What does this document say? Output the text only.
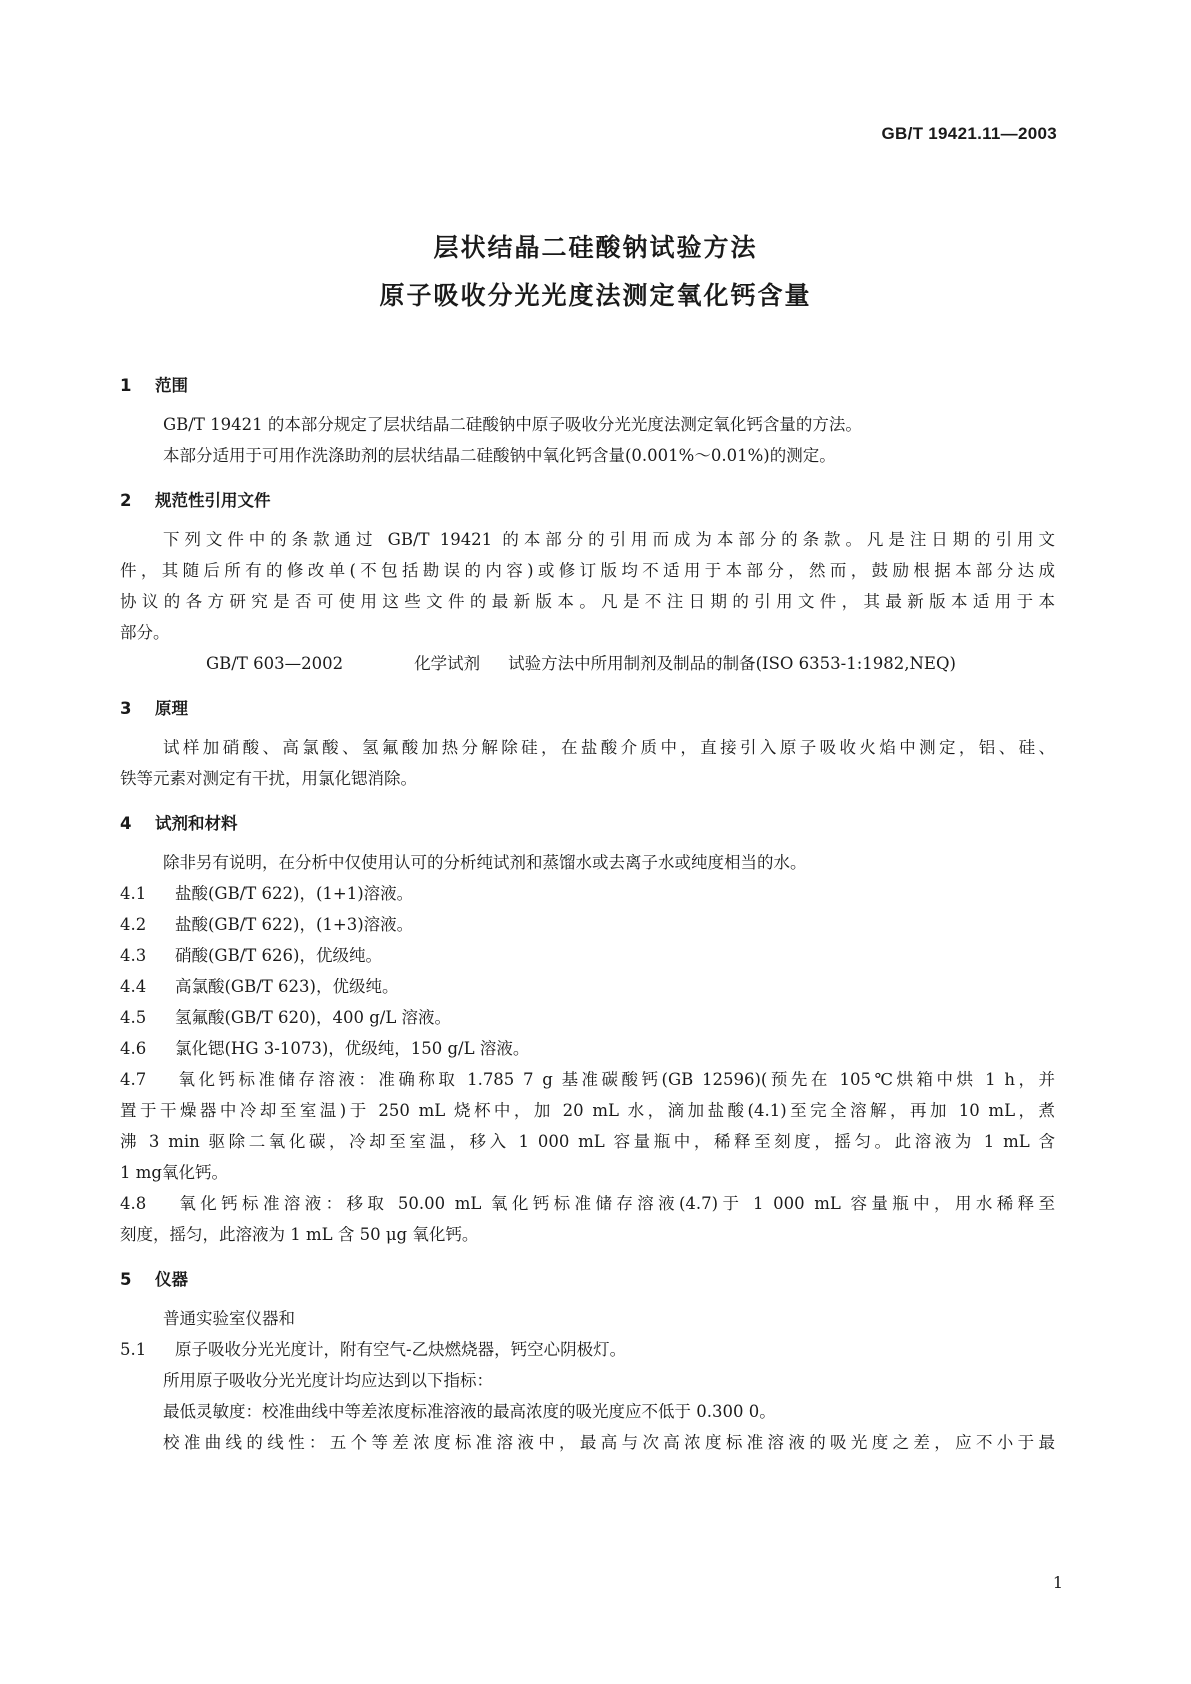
GB/T 19421.11—2003
层状结晶二硅酸钠试验方法
原子吸收分光光度法测定氧化钙含量
1 范围

GB/T 19421 的本部分规定了层状结晶二硅酸钠中原子吸收分光光度法测定氧化钙含量的方法。

本部分适用于可用作洗涤助剂的层状结晶二硅酸钠中氧化钙含量(0.001%～0.01%)的测定。

2 规范性引用文件

下列文件中的条款通过 GB/T 19421 的本部分的引用而成为本部分的条款。凡是注日期的引用文

件，其随后所有的修改单(不包括勘误的内容)或修订版均不适用于本部分，然而，鼓励根据本部分达成

协议的各方研究是否可使用这些文件的最新版本。凡是不注日期的引用文件，其最新版本适用于本

部分。

GB/T 603—2002	化学试剂 试验方法中所用制剂及制品的制备(ISO 6353-1:1982,NEQ)

3 原理

试样加硝酸、高氯酸、氢氟酸加热分解除硅，在盐酸介质中，直接引入原子吸收火焰中测定，铝、硅、

铁等元素对测定有干扰，用氯化锶消除。

4 试剂和材料

除非另有说明，在分析中仅使用认可的分析纯试剂和蒸馏水或去离子水或纯度相当的水。

4.1 盐酸(GB/T 622)，(1+1)溶液。

4.2 盐酸(GB/T 622)，(1+3)溶液。

4.3 硝酸(GB/T 626)，优级纯。

4.4 高氯酸(GB/T 623)，优级纯。

4.5 氢氟酸(GB/T 620)，400 g/L 溶液。

4.6 氯化锶(HG 3-1073)，优级纯，150 g/L 溶液。

4.7 氧化钙标准储存溶液：准确称取 1.785 7 g 基准碳酸钙(GB 12596)(预先在 105℃烘箱中烘 1 h，并

置于干燥器中冷却至室温)于 250 mL 烧杯中，加 20 mL 水，滴加盐酸(4.1)至完全溶解，再加 10 mL，煮

沸 3 min 驱除二氧化碳，冷却至室温，移入 1 000 mL 容量瓶中，稀释至刻度，摇匀。此溶液为 1 mL 含

1 mg氧化钙。

4.8 氧化钙标准溶液：移取 50.00 mL 氧化钙标准储存溶液(4.7)于 1 000 mL 容量瓶中，用水稀释至

刻度，摇匀，此溶液为 1 mL 含 50 μg 氧化钙。

5 仪器

普通实验室仪器和

5.1 原子吸收分光光度计，附有空气-乙炔燃烧器，钙空心阴极灯。

所用原子吸收分光光度计均应达到以下指标：

最低灵敏度：校准曲线中等差浓度标准溶液的最高浓度的吸光度应不低于 0.300 0。

校准曲线的线性：五个等差浓度标准溶液中，最高与次高浓度标准溶液的吸光度之差，应不小于最

1
